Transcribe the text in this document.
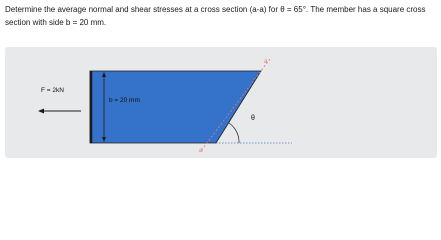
Determine the average normal and shear stresses at a cross section (a-a) for θ = 65°. The member has a square cross section with side b = 20 mm.
b = 20 mm
F = 2kN
a
a
θ
